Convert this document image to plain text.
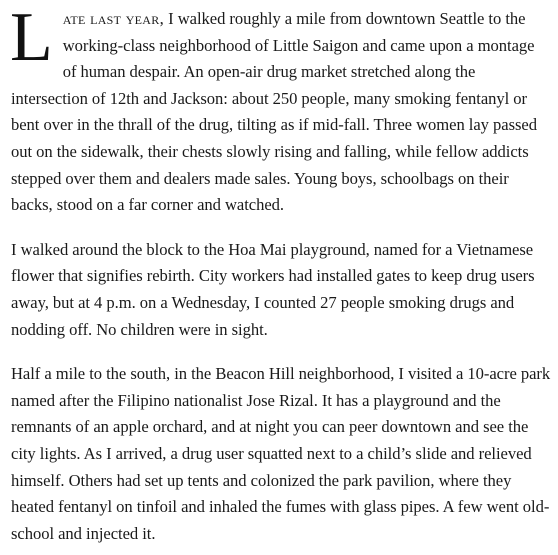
Late last year, I walked roughly a mile from downtown Seattle to the working-class neighborhood of Little Saigon and came upon a montage of human despair. An open-air drug market stretched along the intersection of 12th and Jackson: about 250 people, many smoking fentanyl or bent over in the thrall of the drug, tilting as if mid-fall. Three women lay passed out on the sidewalk, their chests slowly rising and falling, while fellow addicts stepped over them and dealers made sales. Young boys, schoolbags on their backs, stood on a far corner and watched.

I walked around the block to the Hoa Mai playground, named for a Vietnamese flower that signifies rebirth. City workers had installed gates to keep drug users away, but at 4 p.m. on a Wednesday, I counted 27 people smoking drugs and nodding off. No children were in sight.

Half a mile to the south, in the Beacon Hill neighborhood, I visited a 10-acre park named after the Filipino nationalist Jose Rizal. It has a playground and the remnants of an apple orchard, and at night you can peer downtown and see the city lights. As I arrived, a drug user squatted next to a child’s slide and relieved himself. Others had set up tents and colonized the park pavilion, where they heated fentanyl on tinfoil and inhaled the fumes with glass pipes. A few went old-school and injected it.
